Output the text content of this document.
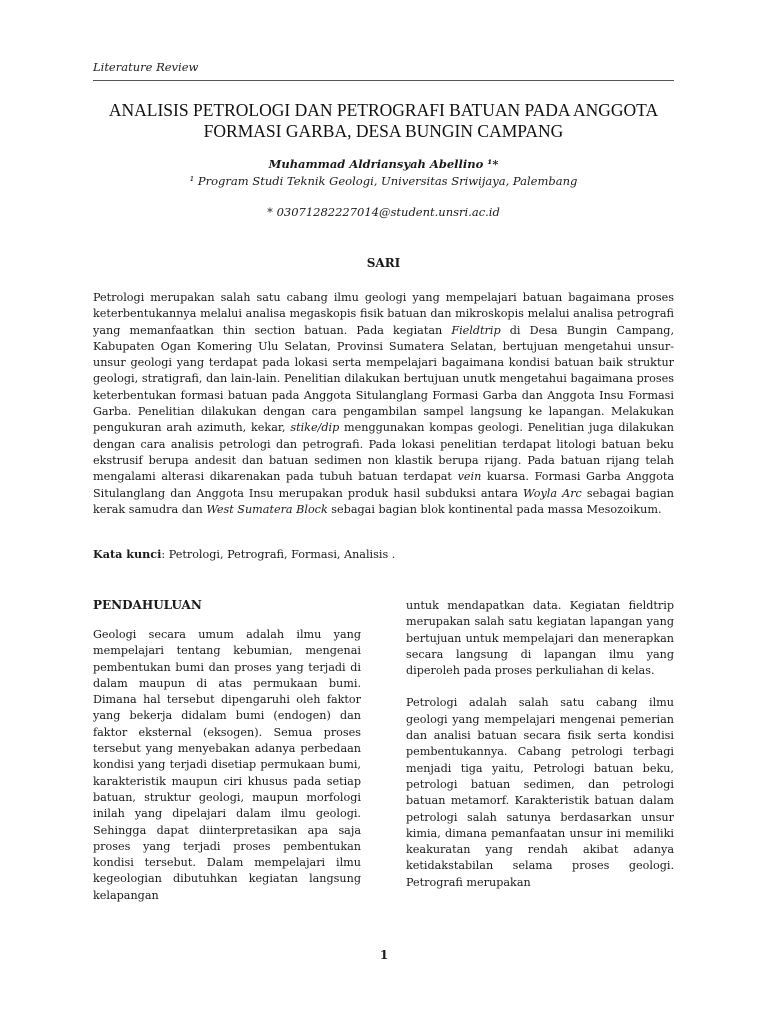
Literature Review
ANALISIS PETROLOGI DAN PETROGRAFI BATUAN PADA ANGGOTA
FORMASI GARBA, DESA BUNGIN CAMPANG
Muhammad Aldriansyah Abellino ¹*
¹ Program Studi Teknik Geologi, Universitas Sriwijaya, Palembang
* 03071282227014@student.unsri.ac.id
SARI

Petrologi merupakan salah satu cabang ilmu geologi yang mempelajari batuan bagaimana proses keterbentukannya melalui analisa megaskopis fisik batuan dan mikroskopis melalui analisa petrografi yang memanfaatkan thin section batuan. Pada kegiatan Fieldtrip di Desa Bungin Campang, Kabupaten Ogan Komering Ulu Selatan, Provinsi Sumatera Selatan, bertujuan mengetahui unsur-unsur geologi yang terdapat pada lokasi serta mempelajari bagaimana kondisi batuan baik struktur geologi, stratigrafi, dan lain-lain. Penelitian dilakukan bertujuan unutk mengetahui bagaimana proses keterbentukan formasi batuan pada Anggota Situlanglang Formasi Garba dan Anggota Insu Formasi Garba. Penelitian dilakukan dengan cara pengambilan sampel langsung ke lapangan. Melakukan pengukuran arah azimuth, kekar, stike/dip menggunakan kompas geologi. Penelitian juga dilakukan dengan cara analisis petrologi dan petrografi. Pada lokasi penelitian terdapat litologi batuan beku ekstrusif berupa andesit dan batuan sedimen non klastik berupa rijang. Pada batuan rijang telah mengalami alterasi dikarenakan pada tubuh batuan terdapat vein kuarsa. Formasi Garba Anggota Situlanglang dan Anggota Insu merupakan produk hasil subduksi antara Woyla Arc sebagai bagian kerak samudra dan West Sumatera Block sebagai bagian blok kontinental pada massa Mesozoikum.

Kata kunci: Petrologi, Petrografi, Formasi, Analisis .
PENDAHULUAN

Geologi secara umum adalah ilmu yang mempelajari tentang kebumian, mengenai pembentukan bumi dan proses yang terjadi di dalam maupun di atas permukaan bumi. Dimana hal tersebut dipengaruhi oleh faktor yang bekerja didalam bumi (endogen) dan faktor eksternal (eksogen). Semua proses tersebut yang menyebakan adanya perbedaan kondisi yang terjadi disetiap permukaan bumi, karakteristik maupun ciri khusus pada setiap batuan, struktur geologi, maupun morfologi inilah yang dipelajari dalam ilmu geologi. Sehingga dapat diinterpretasikan apa saja proses yang terjadi proses pembentukan kondisi tersebut. Dalam mempelajari ilmu kegeologian dibutuhkan kegiatan langsung kelapangan

untuk mendapatkan data. Kegiatan fieldtrip merupakan salah satu kegiatan lapangan yang bertujuan untuk mempelajari dan menerapkan secara langsung di lapangan ilmu yang diperoleh pada proses perkuliahan di kelas.

Petrologi adalah salah satu cabang ilmu geologi yang mempelajari mengenai pemerian dan analisi batuan secara fisik serta kondisi pembentukannya. Cabang petrologi terbagi menjadi tiga yaitu, Petrologi batuan beku, petrologi batuan sedimen, dan petrologi batuan metamorf. Karakteristik batuan dalam petrologi salah satunya berdasarkan unsur kimia, dimana pemanfaatan unsur ini memiliki keakuratan yang rendah akibat adanya ketidakstabilan selama proses geologi. Petrografi merupakan

1
